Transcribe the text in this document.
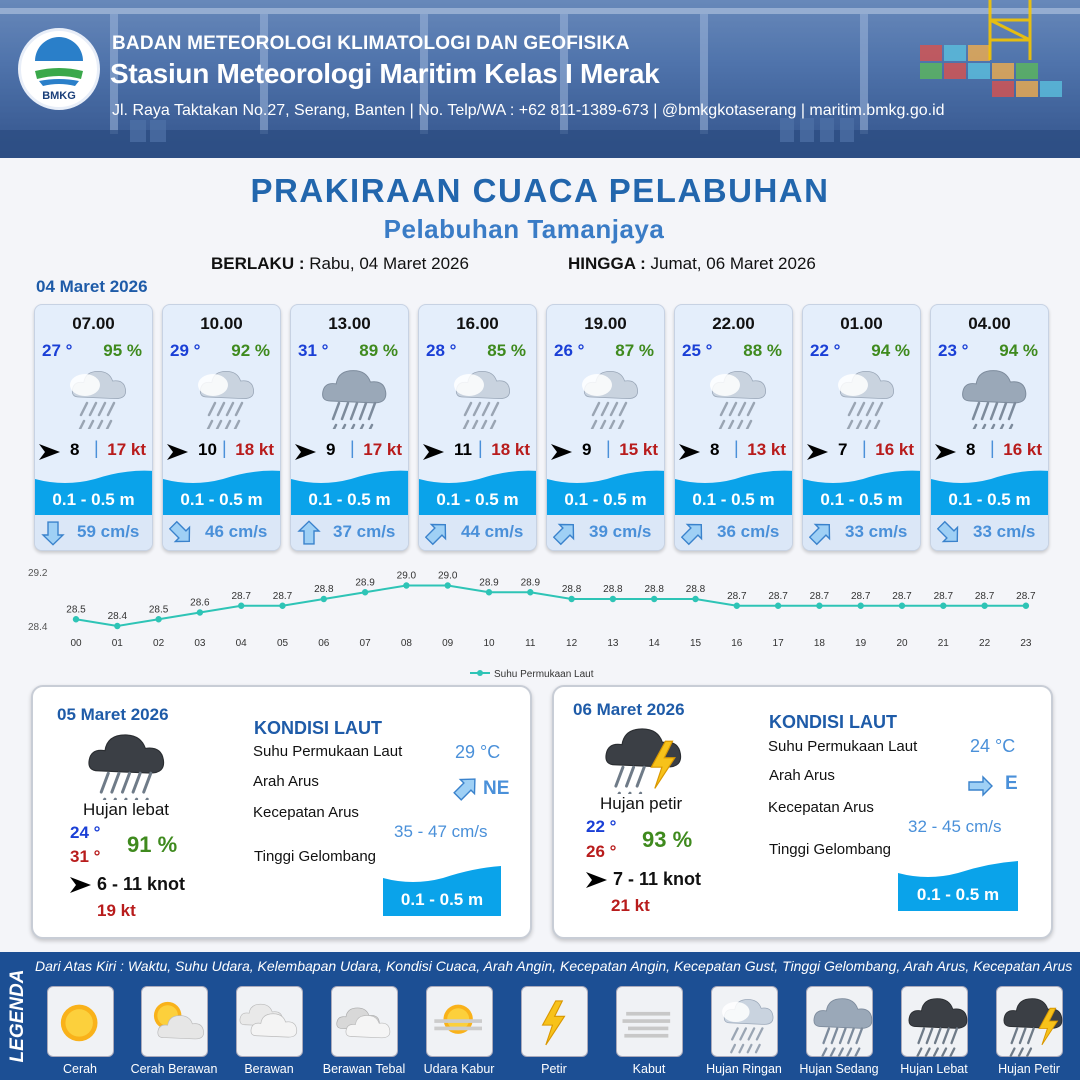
BMKG
BADAN METEOROLOGI KLIMATOLOGI DAN GEOFISIKA
Stasiun Meteorologi Maritim Kelas I Merak
Jl. Raya Taktakan No.27, Serang, Banten | No. Telp/WA : +62 811-1389-673 | @bmkgkotaserang | maritim.bmkg.go.id
PRAKIRAAN CUACA PELABUHAN
Pelabuhan Tamanjaya
BERLAKU : Rabu, 04 Maret 2026	HINGGA : Jumat, 06 Maret 2026
04 Maret 2026
07.00
27 ° 95 %
8 | 17 kt
0.1 - 0.5 m
59 cm/s
10.00
29 ° 92 %
10 | 18 kt
0.1 - 0.5 m
46 cm/s
13.00
31 ° 89 %
9 | 17 kt
0.1 - 0.5 m
37 cm/s
16.00
28 ° 85 %
11 | 18 kt
0.1 - 0.5 m
44 cm/s
19.00
26 ° 87 %
9 | 15 kt
0.1 - 0.5 m
39 cm/s
22.00
25 ° 88 %
8 | 13 kt
0.1 - 0.5 m
36 cm/s
01.00
22 ° 94 %
7 | 16 kt
0.1 - 0.5 m
33 cm/s
04.00
23 ° 94 %
8 | 16 kt
0.1 - 0.5 m
33 cm/s
29.2
28.4
28.5
00
28.4
01
28.5
02
28.6
03
28.7
04
28.7
05
28.8
06
28.9
07
29.0
08
29.0
09
28.9
10
28.9
11
28.8
12
28.8
13
28.8
14
28.8
15
28.7
16
28.7
17
28.7
18
28.7
19
28.7
20
28.7
21
28.7
22
28.7
23
Suhu Permukaan Laut
05 Maret 2026
Hujan lebat
24 °
31 ° 91 %
6 - 11 knot
19 kt
KONDISI LAUT
Suhu Permukaan Laut	29 °C
Arah Arus	NE
Kecepatan Arus
35 - 47 cm/s
Tinggi Gelombang
0.1 - 0.5 m
06 Maret 2026
Hujan petir
22 °
26 ° 93 %
7 - 11 knot
21 kt
KONDISI LAUT
Suhu Permukaan Laut	24 °C
Arah Arus	E
Kecepatan Arus
32 - 45 cm/s
Tinggi Gelombang
0.1 - 0.5 m
LEGENDA
Dari Atas Kiri : Waktu, Suhu Udara, Kelembapan Udara, Kondisi Cuaca, Arah Angin, Kecepatan Angin, Kecepatan Gust, Tinggi Gelombang, Arah Arus, Kecepatan Arus
Cerah	Cerah Berawan	Berawan	Berawan Tebal	Udara Kabur	Petir	Kabut	Hujan Ringan	Hujan Sedang	Hujan Lebat	Hujan Petir
